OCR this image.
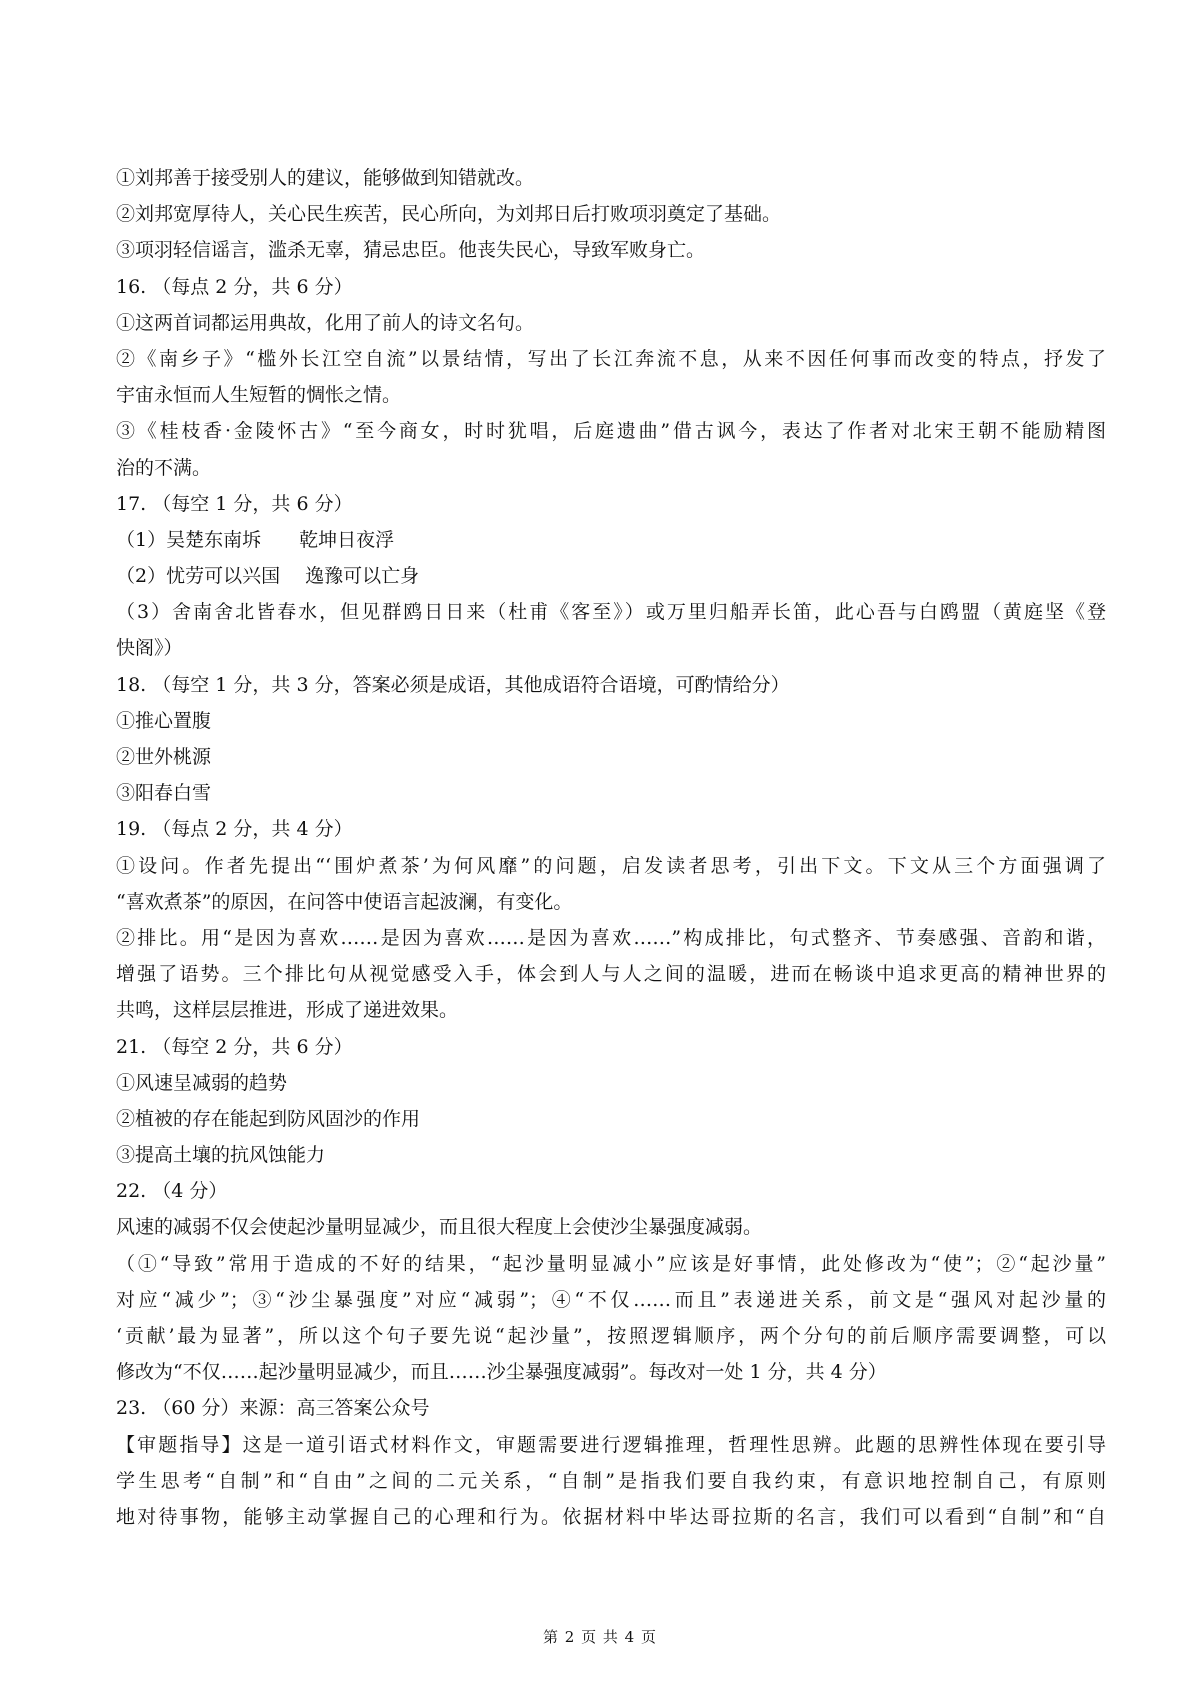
①刘邦善于接受别人的建议，能够做到知错就改。
②刘邦宽厚待人，关心民生疾苦，民心所向，为刘邦日后打败项羽奠定了基础。
③项羽轻信谣言，滥杀无辜，猜忌忠臣。他丧失民心，导致军败身亡。
16. （每点 2 分，共 6 分）
①这两首词都运用典故，化用了前人的诗文名句。
②《南乡子》“槛外长江空自流”以景结情，写出了长江奔流不息，从来不因任何事而改变的特点，抒发了
宇宙永恒而人生短暂的惆怅之情。
③《桂枝香·金陵怀古》“至今商女，时时犹唱，后庭遗曲”借古讽今，表达了作者对北宋王朝不能励精图
治的不满。
17. （每空 1 分，共 6 分）
（1）吴楚东南坼　　乾坤日夜浮
（2）忧劳可以兴国　 逸豫可以亡身
（3）舍南舍北皆春水，但见群鸥日日来（杜甫《客至》）或万里归船弄长笛，此心吾与白鸥盟（黄庭坚《登
快阁》）
18. （每空 1 分，共 3 分，答案必须是成语，其他成语符合语境，可酌情给分）
①推心置腹
②世外桃源
③阳春白雪
19. （每点 2 分，共 4 分）
①设问。作者先提出“‘围炉煮茶’为何风靡”的问题，启发读者思考，引出下文。下文从三个方面强调了
“喜欢煮茶”的原因，在问答中使语言起波澜，有变化。
②排比。用“是因为喜欢……是因为喜欢……是因为喜欢……”构成排比，句式整齐、节奏感强、音韵和谐，
增强了语势。三个排比句从视觉感受入手，体会到人与人之间的温暖，进而在畅谈中追求更高的精神世界的
共鸣，这样层层推进，形成了递进效果。
21. （每空 2 分，共 6 分）
①风速呈减弱的趋势
②植被的存在能起到防风固沙的作用
③提高土壤的抗风蚀能力
22. （4 分）
风速的减弱不仅会使起沙量明显减少，而且很大程度上会使沙尘暴强度减弱。
（①“导致”常用于造成的不好的结果，“起沙量明显减小”应该是好事情，此处修改为“使”；②“起沙量”
对应“减少”；③“沙尘暴强度”对应“减弱”；④“不仅……而且”表递进关系，前文是“强风对起沙量的
‘贡献’最为显著”，所以这个句子要先说“起沙量”，按照逻辑顺序，两个分句的前后顺序需要调整，可以
修改为“不仅……起沙量明显减少，而且……沙尘暴强度减弱”。每改对一处 1 分，共 4 分）
23. （60 分）来源：高三答案公众号
【审题指导】这是一道引语式材料作文，审题需要进行逻辑推理，哲理性思辨。此题的思辨性体现在要引导
学生思考“自制”和“自由”之间的二元关系，“自制”是指我们要自我约束，有意识地控制自己，有原则
地对待事物，能够主动掌握自己的心理和行为。依据材料中毕达哥拉斯的名言，我们可以看到“自制”和“自
第 2 页 共 4 页
